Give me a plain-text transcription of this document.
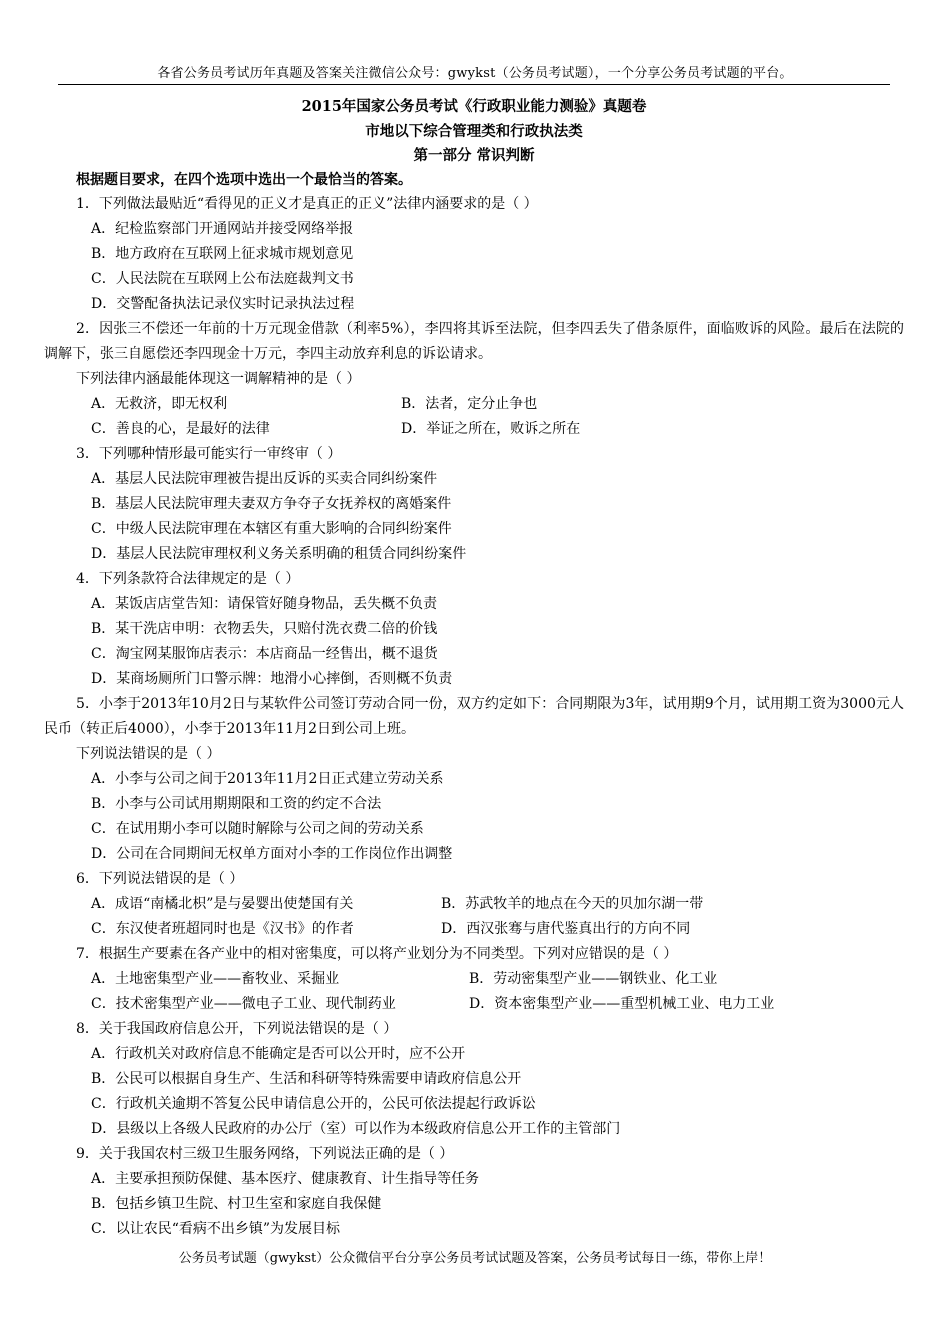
各省公务员考试历年真题及答案关注微信公众号：gwykst（公务员考试题），一个分享公务员考试题的平台。
2015年国家公务员考试《行政职业能力测验》真题卷
市地以下综合管理类和行政执法类
第一部分 常识判断
根据题目要求，在四个选项中选出一个最恰当的答案。
1．下列做法最贴近“看得见的正义才是真正的正义”法律内涵要求的是（ ）
A．纪检监察部门开通网站并接受网络举报
B．地方政府在互联网上征求城市规划意见
C．人民法院在互联网上公布法庭裁判文书
D．交警配备执法记录仪实时记录执法过程

2．因张三不偿还一年前的十万元现金借款（利率5%），李四将其诉至法院，但李四丢失了借条原件，面临败诉的风险。最后在法院的调解下，张三自愿偿还李四现金十万元，李四主动放弃利息的诉讼请求。

下列法律内涵最能体现这一调解精神的是（ ）
A．无救济，即无权利	B．法者，定分止争也
C．善良的心，是最好的法律	D．举证之所在，败诉之所在
3．下列哪种情形最可能实行一审终审（ ）
A．基层人民法院审理被告提出反诉的买卖合同纠纷案件
B．基层人民法院审理夫妻双方争夺子女抚养权的离婚案件
C．中级人民法院审理在本辖区有重大影响的合同纠纷案件
D．基层人民法院审理权利义务关系明确的租赁合同纠纷案件
4．下列条款符合法律规定的是（ ）
A．某饭店店堂告知：请保管好随身物品，丢失概不负责
B．某干洗店申明：衣物丢失，只赔付洗衣费二倍的价钱
C．淘宝网某服饰店表示：本店商品一经售出，概不退货
D．某商场厕所门口警示牌：地滑小心摔倒，否则概不负责

5．小李于2013年10月2日与某软件公司签订劳动合同一份，双方约定如下：合同期限为3年，试用期9个月，试用期工资为3000元人民币（转正后4000），小李于2013年11月2日到公司上班。

下列说法错误的是（ ）
A．小李与公司之间于2013年11月2日正式建立劳动关系
B．小李与公司试用期期限和工资的约定不合法
C．在试用期小李可以随时解除与公司之间的劳动关系
D．公司在合同期间无权单方面对小李的工作岗位作出调整
6．下列说法错误的是（ ）
A．成语“南橘北枳”是与晏婴出使楚国有关	B．苏武牧羊的地点在今天的贝加尔湖一带
C．东汉使者班超同时也是《汉书》的作者	D．西汉张骞与唐代鉴真出行的方向不同
7．根据生产要素在各产业中的相对密集度，可以将产业划分为不同类型。下列对应错误的是（ ）
A．土地密集型产业——畜牧业、采掘业	B．劳动密集型产业——钢铁业、化工业
C．技术密集型产业——微电子工业、现代制药业	D．资本密集型产业——重型机械工业、电力工业
8．关于我国政府信息公开，下列说法错误的是（ ）
A．行政机关对政府信息不能确定是否可以公开时，应不公开
B．公民可以根据自身生产、生活和科研等特殊需要申请政府信息公开
C．行政机关逾期不答复公民申请信息公开的，公民可依法提起行政诉讼
D．县级以上各级人民政府的办公厅（室）可以作为本级政府信息公开工作的主管部门
9．关于我国农村三级卫生服务网络，下列说法正确的是（ ）
A．主要承担预防保健、基本医疗、健康教育、计生指导等任务
B．包括乡镇卫生院、村卫生室和家庭自我保健
C．以让农民“看病不出乡镇”为发展目标
公务员考试题（gwykst）公众微信平台分享公务员考试试题及答案，公务员考试每日一练，带你上岸！
